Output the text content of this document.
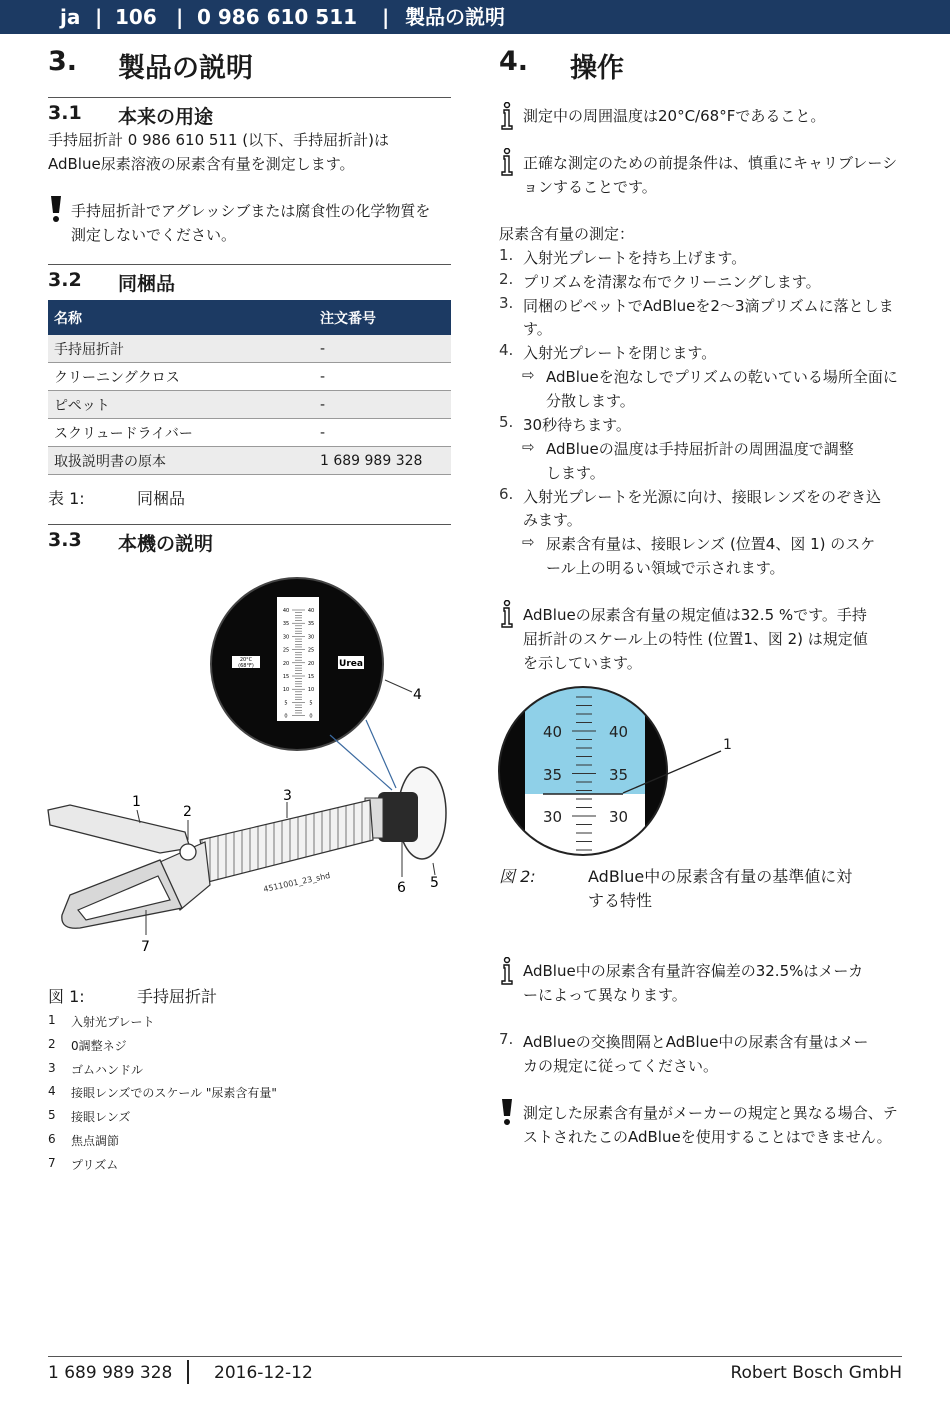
ja | 106 | 0 986 610 511 | 製品の説明
3. 製品の説明
3.1 本来の用途
手持屈折計 0 986 610 511 (以下、手持屈折計)は
AdBlue尿素溶液の尿素含有量を測定します。
手持屈折計でアグレッシブまたは腐食性の化学物質を
測定しないでください。
3.2 同梱品
名称	注文番号
手持屈折計	-
クリーニングクロス	-
ピペット	-
スクリュードライバー	-
取扱説明書の原本	1 689 989 328
表 1:	同梱品
3.3 本機の説明
40	40
35	35
30	30
25	25
20	20
15	15
10	10
5	5
0	0
20°C
(68°F)	Urea
4511001_23_shd
1
2
3
4
5
6
7
図 1:	手持屈折計
1 入射光プレート
2 0調整ネジ
3 ゴムハンドル
4 接眼レンズでのスケール "尿素含有量"
5 接眼レンズ
6 焦点調節
7 プリズム
4. 操作
測定中の周囲温度は20°C/68°Fであること。
正確な測定のための前提条件は、慎重にキャリブレーシ
ョンすることです。
尿素含有量の測定：
1. 入射光プレートを持ち上げます。
2. プリズムを清潔な布でクリーニングします。
3. 同梱のピペットでAdBlueを2～3滴プリズムに落としま
す。
4. 入射光プレートを閉じます。
⇨ AdBlueを泡なしでプリズムの乾いている場所全面に
分散します。
5. 30秒待ちます。
⇨ AdBlueの温度は手持屈折計の周囲温度で調整
します。
6. 入射光プレートを光源に向け、接眼レンズをのぞき込
みます。
⇨ 尿素含有量は、接眼レンズ (位置4、図 1) のスケ
ール上の明るい領域で示されます。
AdBlueの尿素含有量の規定値は32.5 %です。手持
屈折計のスケール上の特性 (位置1、図 2) は規定値
を示しています。
40
35
30
40
35
30
1
図 2:	AdBlue中の尿素含有量の基準値に対
する特性
AdBlue中の尿素含有量許容偏差の32.5%はメーカ
ーによって異なります。
7. AdBlueの交換間隔とAdBlue中の尿素含有量はメー
カの規定に従ってください。
測定した尿素含有量がメーカーの規定と異なる場合、テ
ストされたこのAdBlueを使用することはできません。
1 689 989 328 2016-12-12	Robert Bosch GmbH
